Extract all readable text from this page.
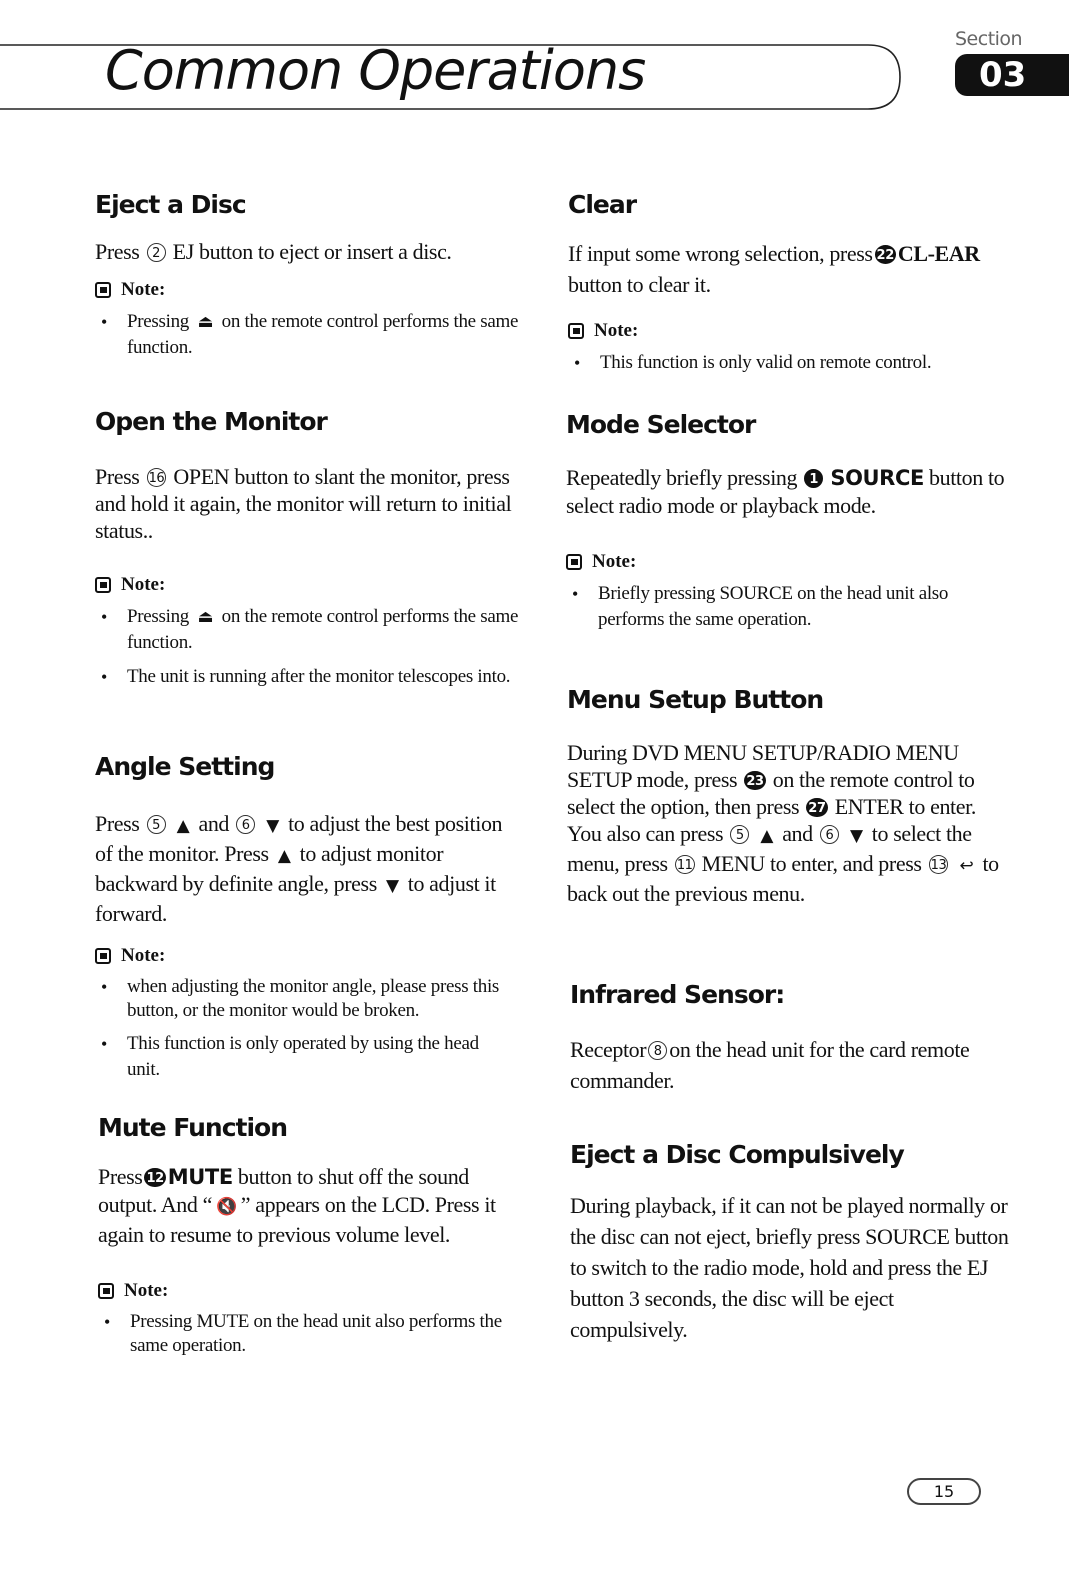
Common Operations	Section
03
Eject a Disc

Press 2 EJ button to eject or insert a disc.

Note:
• Pressing ⏏ on the remote control performs the same function.
Open the Monitor

Press 16 OPEN button to slant the monitor, press and hold it again, the monitor will return to initial status..

Note:
• Pressing ⏏ on the remote control performs the same function.
• The unit is running after the monitor telescopes into.
Angle Setting

Press 5 ▲ and 6 ▼ to adjust the best position of the monitor. Press ▲ to adjust monitor backward by definite angle, press ▼ to adjust it forward.

Note:
• when adjusting the monitor angle, please press this button, or the monitor would be broken.
• This function is only operated by using the head unit.
Mute Function

Press 12 MUTE button to shut off the sound output. And “ 🔇 ” appears on the LCD. Press it again to resume to previous volume level.

Note:
• Pressing MUTE on the head unit also performs the same operation.
Clear

If input some wrong selection, press 22 CL-EAR button to clear it.

Note:
• This function is only valid on remote control.
Mode Selector

Repeatedly briefly pressing 1 SOURCE button to select radio mode or playback mode.

Note:
• Briefly pressing SOURCE on the head unit also performs the same operation.
Menu Setup Button

During DVD MENU SETUP/RADIO MENU SETUP mode, press 23 on the remote control to select the option, then press 27 ENTER to enter. You also can press 5 ▲ and 6 ▼ to select the menu, press 11 MENU to enter, and press 13 ↩ to back out the previous menu.

Infrared Sensor:

Receptor 8 on the head unit for the card remote commander.

Eject a Disc Compulsively

During playback, if it can not be played normally or the disc can not eject, briefly press SOURCE button to switch to the radio mode, hold and press the EJ button 3 seconds, the disc will be eject compulsively.

15
